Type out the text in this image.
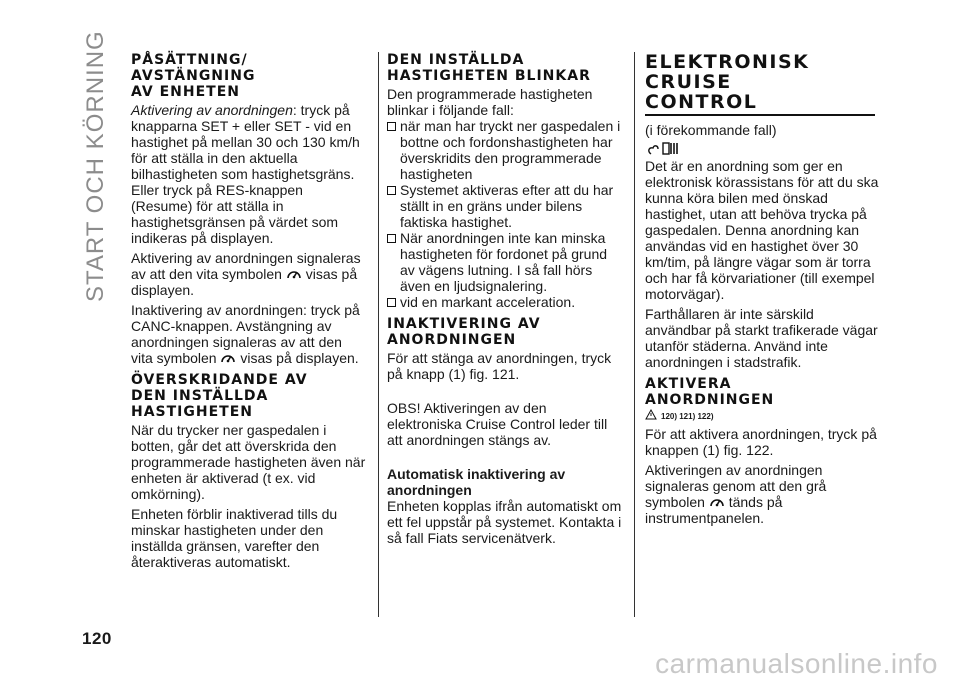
START OCH KÖRNING PÅSÄTTNING/ AVSTÄNGNING AV ENHETEN

Aktivering av anordningen: tryck på knapparna SET + eller SET - vid en hastighet på mellan 30 och 130 km/h för att ställa in den aktuella bilhastigheten som hastighetsgräns. Eller tryck på RES-knappen (Resume) för att ställa in hastighetsgränsen på värdet som indikeras på displayen.

Aktivering av anordningen signaleras av att den vita symbolen visas på displayen.

Inaktivering av anordningen: tryck på CANC-knappen. Avstängning av anordningen signaleras av att den vita symbolen visas på displayen.

ÖVERSKRIDANDE AV DEN INSTÄLLDA HASTIGHETEN

När du trycker ner gaspedalen i botten, går det att överskrida den programmerade hastigheten även när enheten är aktiverad (t ex. vid omkörning).

Enheten förblir inaktiverad tills du minskar hastigheten under den inställda gränsen, varefter den återaktiveras automatiskt.

DEN INSTÄLLDA HASTIGHETEN BLINKAR

Den programmerade hastigheten blinkar i följande fall:

när man har tryckt ner gaspedalen i bottne och fordonshastigheten har överskridits den programmerade hastigheten
Systemet aktiveras efter att du har ställt in en gräns under bilens faktiska hastighet.
När anordningen inte kan minska hastigheten för fordonet på grund av vägens lutning. I så fall hörs även en ljudsignalering.
vid en markant acceleration.
INAKTIVERING AV ANORDNINGEN

För att stänga av anordningen, tryck på knapp (1) fig. 121.

OBS! Aktiveringen av den elektroniska Cruise Control leder till att anordningen stängs av.

Automatisk inaktivering av anordningen

Enheten kopplas ifrån automatiskt om ett fel uppstår på systemet. Kontakta i så fall Fiats servicenätverk.

ELEKTRONISK CRUISE CONTROL

(i förekommande fall)

Det är en anordning som ger en elektronisk körassistans för att du ska kunna köra bilen med önskad hastighet, utan att behöva trycka på gaspedalen. Denna anordning kan användas vid en hastighet över 30 km/tim, på längre vägar som är torra och har få körvariationer (till exempel motorvägar).

Farthållaren är inte särskild användbar på starkt trafikerade vägar utanför städerna. Använd inte anordningen i stadstrafik.

AKTIVERA ANORDNINGEN
120) 121) 122)

För att aktivera anordningen, tryck på knappen (1) fig. 122.

Aktiveringen av anordningen signaleras genom att den grå symbolen tänds på instrumentpanelen.

120
carmanualsonline.info
